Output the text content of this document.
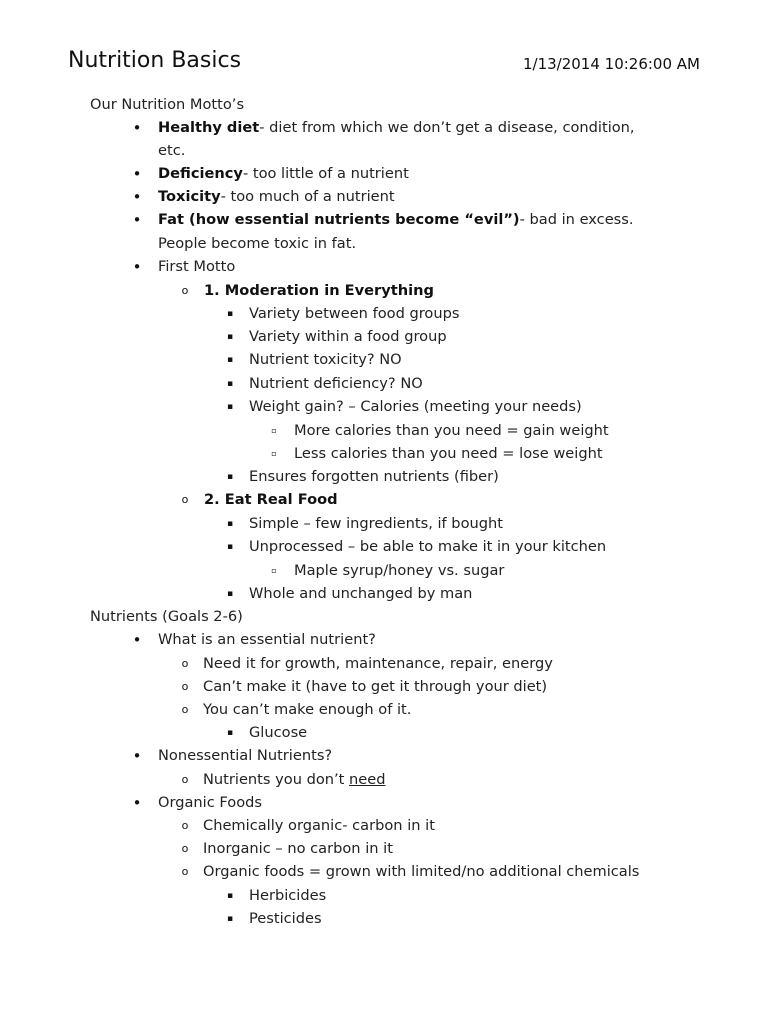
Nutrition Basics	1/13/2014 10:26:00 AM
Our Nutrition Motto’s
• Healthy diet- diet from which we don’t get a disease, condition,
etc.
• Deficiency- too little of a nutrient
• Toxicity- too much of a nutrient
• Fat (how essential nutrients become “evil”)- bad in excess.
People become toxic in fat.
• First Motto
o 1. Moderation in Everything
▪ Variety between food groups
▪ Variety within a food group
▪ Nutrient toxicity? NO
▪ Nutrient deficiency? NO
▪ Weight gain? – Calories (meeting your needs)
▫ More calories than you need = gain weight
▫ Less calories than you need = lose weight
▪ Ensures forgotten nutrients (fiber)
o 2. Eat Real Food
▪ Simple – few ingredients, if bought
▪ Unprocessed – be able to make it in your kitchen
▫ Maple syrup/honey vs. sugar
▪ Whole and unchanged by man
Nutrients (Goals 2-6)
• What is an essential nutrient?
o Need it for growth, maintenance, repair, energy
o Can’t make it (have to get it through your diet)
o You can’t make enough of it.
▪ Glucose
• Nonessential Nutrients?
o Nutrients you don’t need
• Organic Foods
o Chemically organic- carbon in it
o Inorganic – no carbon in it
o Organic foods = grown with limited/no additional chemicals
▪ Herbicides
▪ Pesticides
